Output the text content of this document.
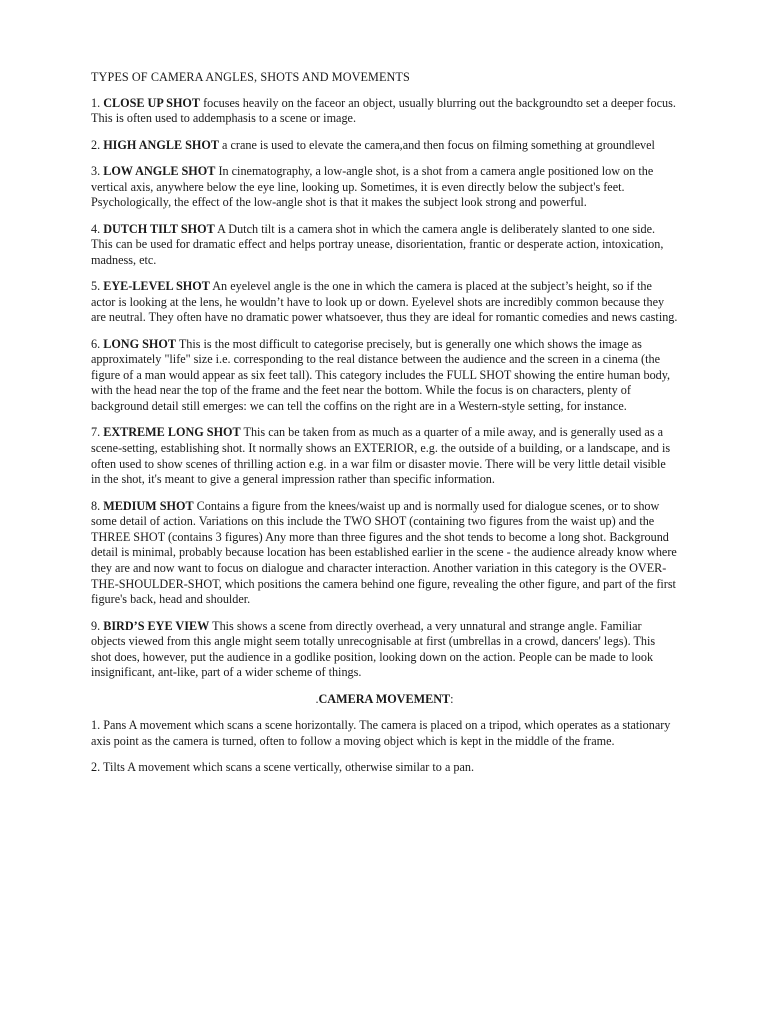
TYPES OF CAMERA ANGLES, SHOTS AND MOVEMENTS

1. CLOSE UP SHOT focuses heavily on the faceor an object, usually blurring out the backgroundto set a deeper focus. This is often used to addemphasis to a scene or image.

2. HIGH ANGLE SHOT a crane is used to elevate the camera,and then focus on filming something at groundlevel

3. LOW ANGLE SHOT In cinematography, a low-angle shot, is a shot from a camera angle positioned low on the vertical axis, anywhere below the eye line, looking up. Sometimes, it is even directly below the subject's feet. Psychologically, the effect of the low-angle shot is that it makes the subject look strong and powerful.

4. DUTCH TILT SHOT A Dutch tilt is a camera shot in which the camera angle is deliberately slanted to one side. This can be used for dramatic effect and helps portray unease, disorientation, frantic or desperate action, intoxication, madness, etc.

5. EYE-LEVEL SHOT An eyelevel angle is the one in which the camera is placed at the subject’s height, so if the actor is looking at the lens, he wouldn’t have to look up or down. Eyelevel shots are incredibly common because they are neutral. They often have no dramatic power whatsoever, thus they are ideal for romantic comedies and news casting.

6. LONG SHOT This is the most difficult to categorise precisely, but is generally one which shows the image as approximately "life" size i.e. corresponding to the real distance between the audience and the screen in a cinema (the figure of a man would appear as six feet tall). This category includes the FULL SHOT showing the entire human body, with the head near the top of the frame and the feet near the bottom. While the focus is on characters, plenty of background detail still emerges: we can tell the coffins on the right are in a Western-style setting, for instance.

7. EXTREME LONG SHOT This can be taken from as much as a quarter of a mile away, and is generally used as a scene-setting, establishing shot. It normally shows an EXTERIOR, e.g. the outside of a building, or a landscape, and is often used to show scenes of thrilling action e.g. in a war film or disaster movie. There will be very little detail visible in the shot, it's meant to give a general impression rather than specific information.

8. MEDIUM SHOT Contains a figure from the knees/waist up and is normally used for dialogue scenes, or to show some detail of action. Variations on this include the TWO SHOT (containing two figures from the waist up) and the THREE SHOT (contains 3 figures) Any more than three figures and the shot tends to become a long shot. Background detail is minimal, probably because location has been established earlier in the scene - the audience already know where they are and now want to focus on dialogue and character interaction. Another variation in this category is the OVER-THE-SHOULDER-SHOT, which positions the camera behind one figure, revealing the other figure, and part of the first figure's back, head and shoulder.

9. BIRD’S EYE VIEW This shows a scene from directly overhead, a very unnatural and strange angle. Familiar objects viewed from this angle might seem totally unrecognisable at first (umbrellas in a crowd, dancers' legs). This shot does, however, put the audience in a godlike position, looking down on the action. People can be made to look insignificant, ant-like, part of a wider scheme of things.

.CAMERA MOVEMENT:

1. Pans A movement which scans a scene horizontally. The camera is placed on a tripod, which operates as a stationary axis point as the camera is turned, often to follow a moving object which is kept in the middle of the frame.

2. Tilts A movement which scans a scene vertically, otherwise similar to a pan.
